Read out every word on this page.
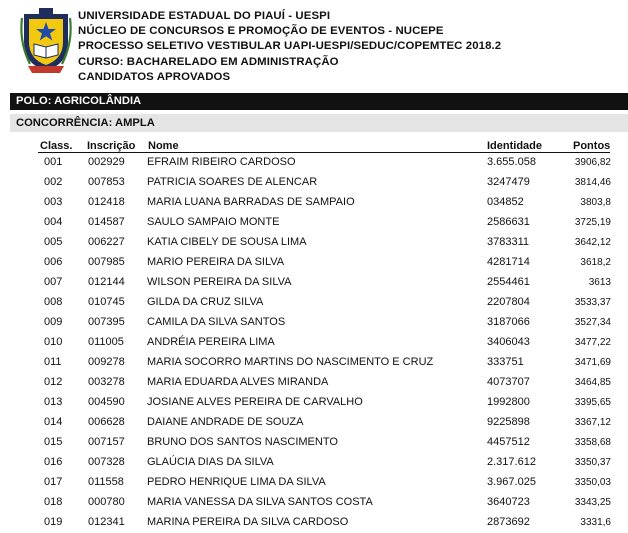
UNIVERSIDADE ESTADUAL DO PIAUÍ - UESPI
NÚCLEO DE CONCURSOS E PROMOÇÃO DE EVENTOS - NUCEPE
PROCESSO SELETIVO VESTIBULAR UAPI-UESPI/SEDUC/COPEMTEC 2018.2
CURSO: BACHARELADO EM ADMINISTRAÇÃO
CANDIDATOS APROVADOS
POLO: AGRICOLÂNDIA
CONCORRÊNCIA: AMPLA
Class. Inscrição Nome	Identidade	Pontos
001 002929 EFRAIM RIBEIRO CARDOSO	3.655.058	3906,82
002 007853 PATRICIA SOARES DE ALENCAR	3247479	3814,46
003 012418 MARIA LUANA BARRADAS DE SAMPAIO	034852	3803,8
004 014587 SAULO SAMPAIO MONTE	2586631	3725,19
005 006227 KATIA CIBELY DE SOUSA LIMA	3783311	3642,12
006 007985 MARIO PEREIRA DA SILVA	4281714	3618,2
007 012144 WILSON PEREIRA DA SILVA	2554461	3613
008 010745 GILDA DA CRUZ SILVA	2207804	3533,37
009 007395 CAMILA DA SILVA SANTOS	3187066	3527,34
010 011005 ANDRÉIA PEREIRA LIMA	3406043	3477,22
011 009278 MARIA SOCORRO MARTINS DO NASCIMENTO E CRUZ	333751	3471,69
012 003278 MARIA EDUARDA ALVES MIRANDA	4073707	3464,85
013 004590 JOSIANE ALVES PEREIRA DE CARVALHO	1992800	3395,65
014 006628 DAIANE ANDRADE DE SOUZA	9225898	3367,12
015 007157 BRUNO DOS SANTOS NASCIMENTO	4457512	3358,68
016 007328 GLAÚCIA DIAS DA SILVA	2.317.612	3350,37
017 011558 PEDRO HENRIQUE LIMA DA SILVA	3.967.025	3350,03
018 000780 MARIA VANESSA DA SILVA SANTOS COSTA	3640723	3343,25
019 012341 MARINA PEREIRA DA SILVA CARDOSO	2873692	3331,6
